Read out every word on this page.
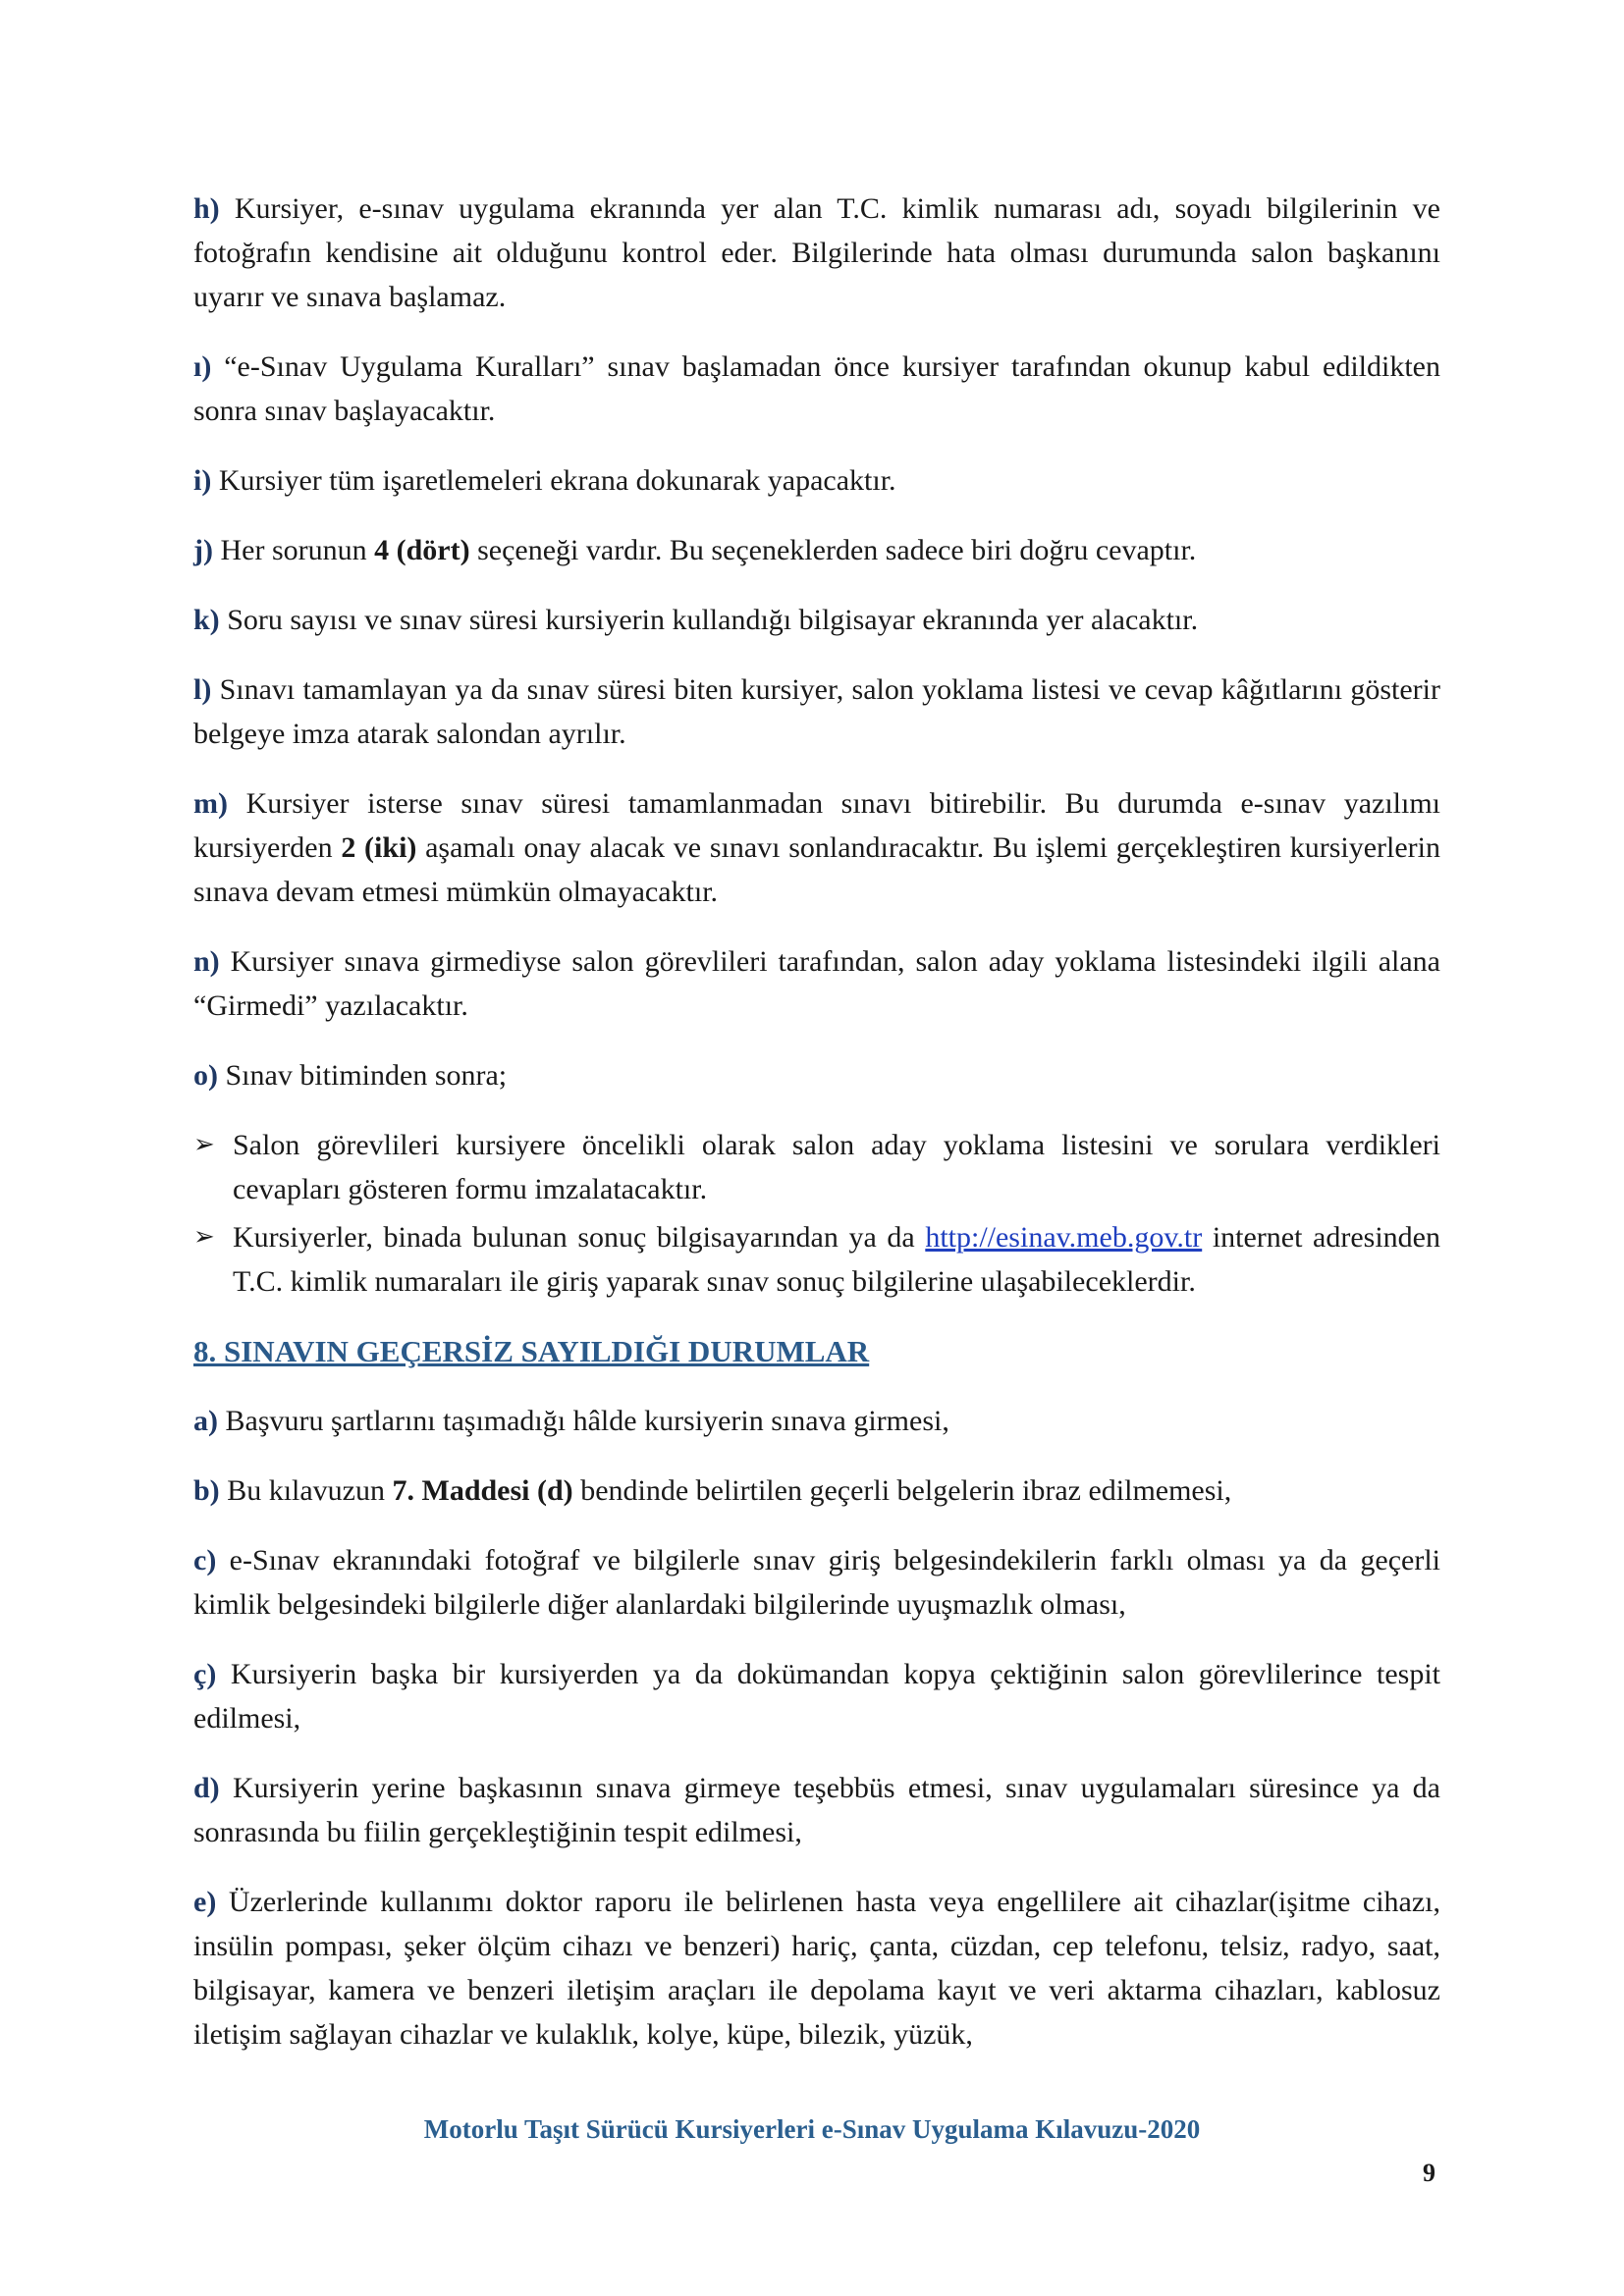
h) Kursiyer, e-sınav uygulama ekranında yer alan T.C. kimlik numarası adı, soyadı bilgilerinin ve fotoğrafın kendisine ait olduğunu kontrol eder. Bilgilerinde hata olması durumunda salon başkanını uyarır ve sınava başlamaz.

ı) “e-Sınav Uygulama Kuralları” sınav başlamadan önce kursiyer tarafından okunup kabul edildikten sonra sınav başlayacaktır.

i) Kursiyer tüm işaretlemeleri ekrana dokunarak yapacaktır.

j) Her sorunun 4 (dört) seçeneği vardır. Bu seçeneklerden sadece biri doğru cevaptır.

k) Soru sayısı ve sınav süresi kursiyerin kullandığı bilgisayar ekranında yer alacaktır.

l) Sınavı tamamlayan ya da sınav süresi biten kursiyer, salon yoklama listesi ve cevap kâğıtlarını gösterir belgeye imza atarak salondan ayrılır.

m) Kursiyer isterse sınav süresi tamamlanmadan sınavı bitirebilir. Bu durumda e-sınav yazılımı kursiyerden 2 (iki) aşamalı onay alacak ve sınavı sonlandıracaktır. Bu işlemi gerçekleştiren kursiyerlerin sınava devam etmesi mümkün olmayacaktır.

n) Kursiyer sınava girmediyse salon görevlileri tarafından, salon aday yoklama listesindeki ilgili alana “Girmedi” yazılacaktır.

o) Sınav bitiminden sonra;

➢ Salon görevlileri kursiyere öncelikli olarak salon aday yoklama listesini ve sorulara verdikleri cevapları gösteren formu imzalatacaktır.
➢ Kursiyerler, binada bulunan sonuç bilgisayarından ya da http://esinav.meb.gov.tr internet adresinden T.C. kimlik numaraları ile giriş yaparak sınav sonuç bilgilerine ulaşabileceklerdir.
8. SINAVIN GEÇERSİZ SAYILDIĞI DURUMLAR

a) Başvuru şartlarını taşımadığı hâlde kursiyerin sınava girmesi,

b) Bu kılavuzun 7. Maddesi (d) bendinde belirtilen geçerli belgelerin ibraz edilmemesi,

c) e-Sınav ekranındaki fotoğraf ve bilgilerle sınav giriş belgesindekilerin farklı olması ya da geçerli kimlik belgesindeki bilgilerle diğer alanlardaki bilgilerinde uyuşmazlık olması,

ç) Kursiyerin başka bir kursiyerden ya da dokümandan kopya çektiğinin salon görevlilerince tespit edilmesi,

d) Kursiyerin yerine başkasının sınava girmeye teşebbüs etmesi, sınav uygulamaları süresince ya da sonrasında bu fiilin gerçekleştiğinin tespit edilmesi,

e) Üzerlerinde kullanımı doktor raporu ile belirlenen hasta veya engellilere ait cihazlar(işitme cihazı, insülin pompası, şeker ölçüm cihazı ve benzeri) hariç, çanta, cüzdan, cep telefonu, telsiz, radyo, saat, bilgisayar, kamera ve benzeri iletişim araçları ile depolama kayıt ve veri aktarma cihazları, kablosuz iletişim sağlayan cihazlar ve kulaklık, kolye, küpe, bilezik, yüzük,

Motorlu Taşıt Sürücü Kursiyerleri e-Sınav Uygulama Kılavuzu-2020
9
